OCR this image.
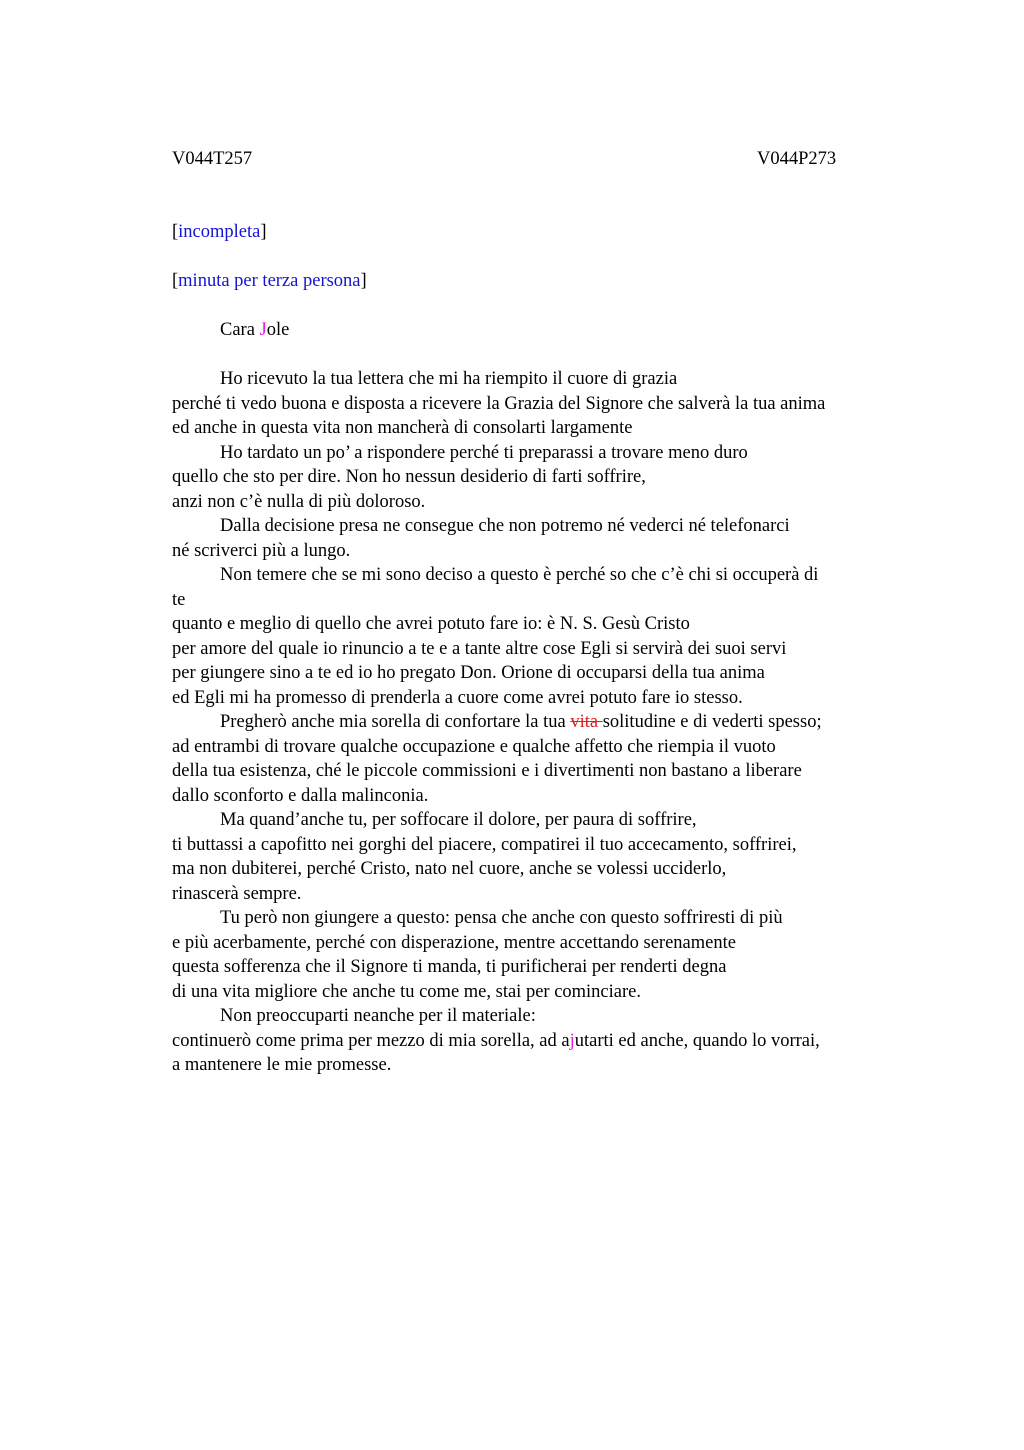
V044T257	V044P273
[incompleta]
[minuta per terza persona]
Cara Jole
Ho ricevuto la tua lettera che mi ha riempito il cuore di grazia
perché ti vedo buona e disposta a ricevere la Grazia del Signore che salverà la tua anima
ed anche in questa vita non mancherà di consolarti largamente
Ho tardato un po’ a rispondere perché ti preparassi a trovare meno duro
quello che sto per dire. Non ho nessun desiderio di farti soffrire,
anzi non c’è nulla di più doloroso.
Dalla decisione presa ne consegue che non potremo né vederci né telefonarci
né scriverci più a lungo.
Non temere che se mi sono deciso a questo è perché so che c’è chi si occuperà di
te
quanto e meglio di quello che avrei potuto fare io: è N. S. Gesù Cristo
per amore del quale io rinuncio a te e a tante altre cose Egli si servirà dei suoi servi
per giungere sino a te ed io ho pregato Don. Orione di occuparsi della tua anima
ed Egli mi ha promesso di prenderla a cuore come avrei potuto fare io stesso.
Pregherò anche mia sorella di confortare la tua vita solitudine e di vederti spesso;
ad entrambi di trovare qualche occupazione e qualche affetto che riempia il vuoto
della tua esistenza, ché le piccole commissioni e i divertimenti non bastano a liberare
dallo sconforto e dalla malinconia.
Ma quand’anche tu, per soffocare il dolore, per paura di soffrire,
ti buttassi a capofitto nei gorghi del piacere, compatirei il tuo accecamento, soffrirei,
ma non dubiterei, perché Cristo, nato nel cuore, anche se volessi ucciderlo,
rinascerà sempre.
Tu però non giungere a questo: pensa che anche con questo soffriresti di più
e più acerbamente, perché con disperazione, mentre accettando serenamente
questa sofferenza che il Signore ti manda, ti purificherai per renderti degna
di una vita migliore che anche tu come me, stai per cominciare.
Non preoccuparti neanche per il materiale:
continuerò come prima per mezzo di mia sorella, ad ajutarti ed anche, quando lo vorrai,
a mantenere le mie promesse.
